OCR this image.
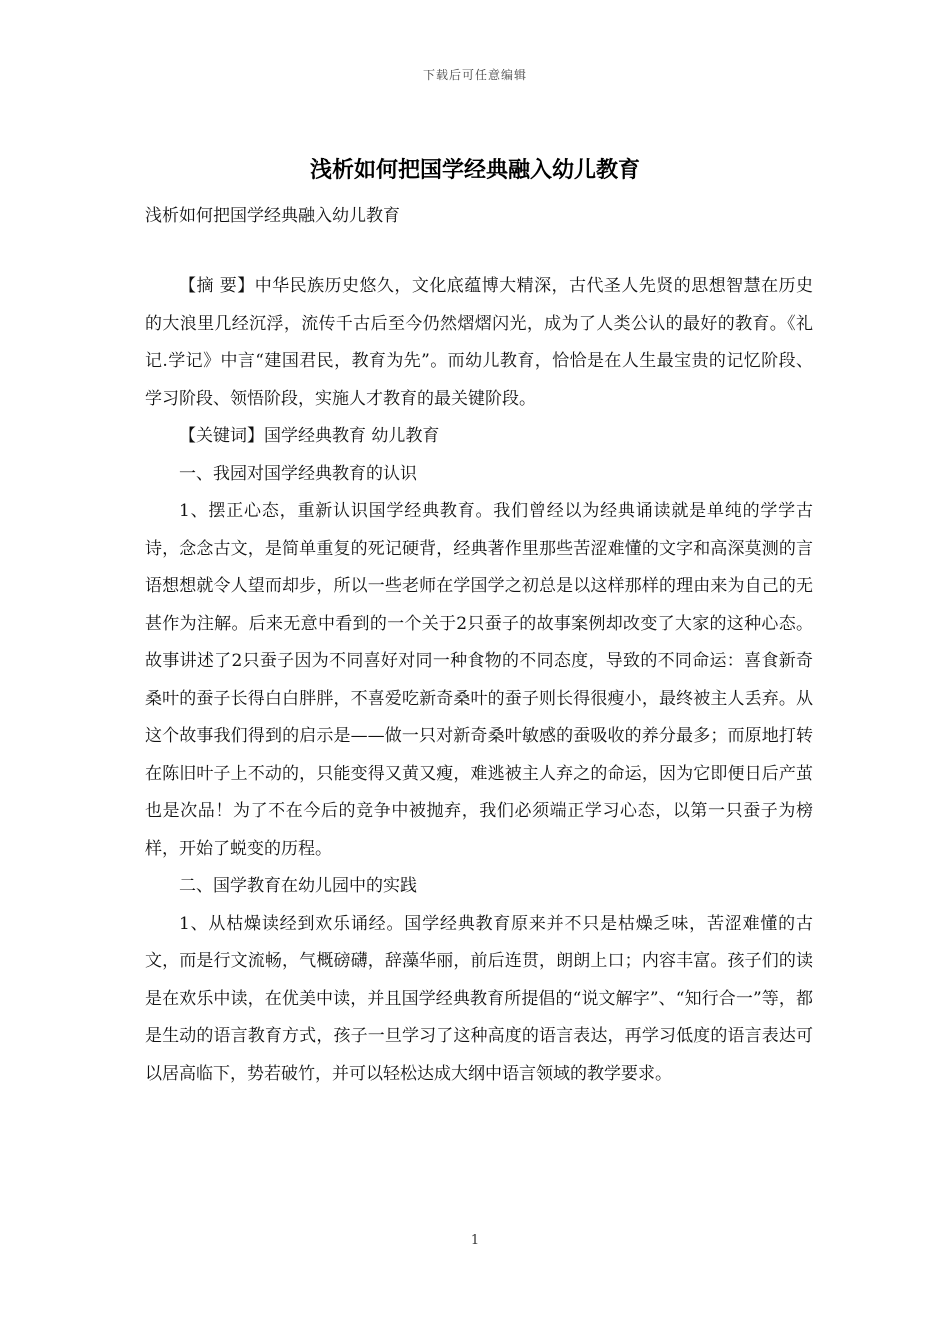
下载后可任意编辑
浅析如何把国学经典融入幼儿教育
浅析如何把国学经典融入幼儿教育

【摘 要】中华民族历史悠久，文化底蕴博大精深，古代圣人先贤的思想智慧在历史的大浪里几经沉浮，流传千古后至今仍然熠熠闪光，成为了人类公认的最好的教育。《礼记.学记》中言“建国君民，教育为先”。而幼儿教育，恰恰是在人生最宝贵的记忆阶段、学习阶段、领悟阶段，实施人才教育的最关键阶段。

【关键词】国学经典教育 幼儿教育

一、我园对国学经典教育的认识

1、摆正心态，重新认识国学经典教育。我们曾经以为经典诵读就是单纯的学学古诗，念念古文，是简单重复的死记硬背，经典著作里那些苦涩难懂的文字和高深莫测的言语想想就令人望而却步，所以一些老师在学国学之初总是以这样那样的理由来为自己的无甚作为注解。后来无意中看到的一个关于2只蚕子的故事案例却改变了大家的这种心态。故事讲述了2只蚕子因为不同喜好对同一种食物的不同态度，导致的不同命运：喜食新奇桑叶的蚕子长得白白胖胖，不喜爱吃新奇桑叶的蚕子则长得很瘦小，最终被主人丢弃。从这个故事我们得到的启示是——做一只对新奇桑叶敏感的蚕吸收的养分最多；而原地打转在陈旧叶子上不动的，只能变得又黄又瘦，难逃被主人弃之的命运，因为它即便日后产茧也是次品！为了不在今后的竞争中被抛弃，我们必须端正学习心态，以第一只蚕子为榜样，开始了蜕变的历程。

二、国学教育在幼儿园中的实践

1、从枯燥读经到欢乐诵经。国学经典教育原来并不只是枯燥乏味，苦涩难懂的古文，而是行文流畅，气概磅礴，辞藻华丽，前后连贯，朗朗上口；内容丰富。孩子们的读是在欢乐中读，在优美中读，并且国学经典教育所提倡的“说文解字”、“知行合一”等，都是生动的语言教育方式，孩子一旦学习了这种高度的语言表达，再学习低度的语言表达可以居高临下，势若破竹，并可以轻松达成大纲中语言领域的教学要求。

1
